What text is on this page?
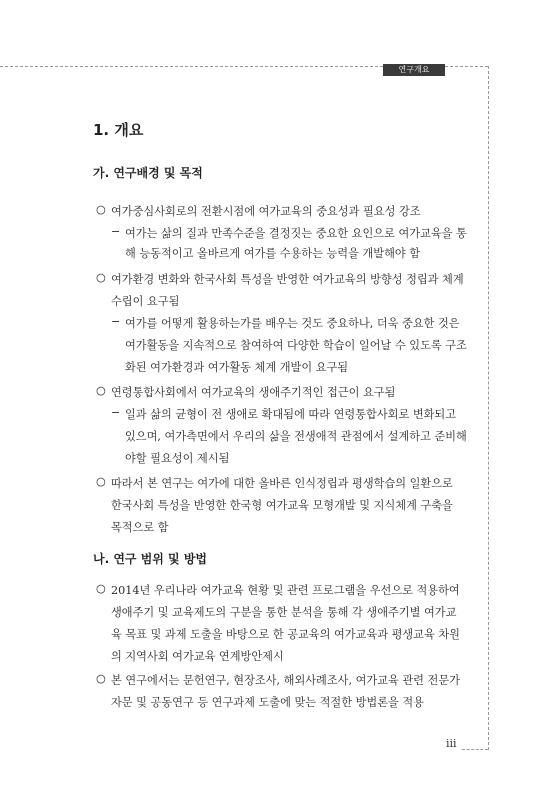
연구개요
1. 개요
가. 연구배경 및 목적
○ 여가중심사회로의 전환시점에 여가교육의 중요성과 필요성 강조
− 여가는 삶의 질과 만족수준을 결정짓는 중요한 요인으로 여가교육을 통
해 능동적이고 올바르게 여가를 수용하는 능력을 개발해야 함
○ 여가환경 변화와 한국사회 특성을 반영한 여가교육의 방향성 정립과 체계
수립이 요구됨
− 여가를 어떻게 활용하는가를 배우는 것도 중요하나, 더욱 중요한 것은
여가활동을 지속적으로 참여하여 다양한 학습이 일어날 수 있도록 구조
화된 여가환경과 여가활동 체계 개발이 요구됨
○ 연령통합사회에서 여가교육의 생애주기적인 접근이 요구됨
− 일과 삶의 균형이 전 생애로 확대됨에 따라 연령통합사회로 변화되고
있으며, 여가측면에서 우리의 삶을 전생애적 관점에서 설계하고 준비해
야할 필요성이 제시됨
○ 따라서 본 연구는 여가에 대한 올바른 인식정립과 평생학습의 일환으로
한국사회 특성을 반영한 한국형 여가교육 모형개발 및 지식체계 구축을
목적으로 함
나. 연구 범위 및 방법
○ 2014년 우리나라 여가교육 현황 및 관련 프로그램을 우선으로 적용하여
생애주기 및 교육제도의 구분을 통한 분석을 통해 각 생애주기별 여가교
육 목표 및 과제 도출을 바탕으로 한 공교육의 여가교육과 평생교육 차원
의 지역사회 여가교육 연계방안제시
○ 본 연구에서는 문헌연구, 현장조사, 해외사례조사, 여가교육 관련 전문가
자문 및 공동연구 등 연구과제 도출에 맞는 적절한 방법론을 적용
iii
